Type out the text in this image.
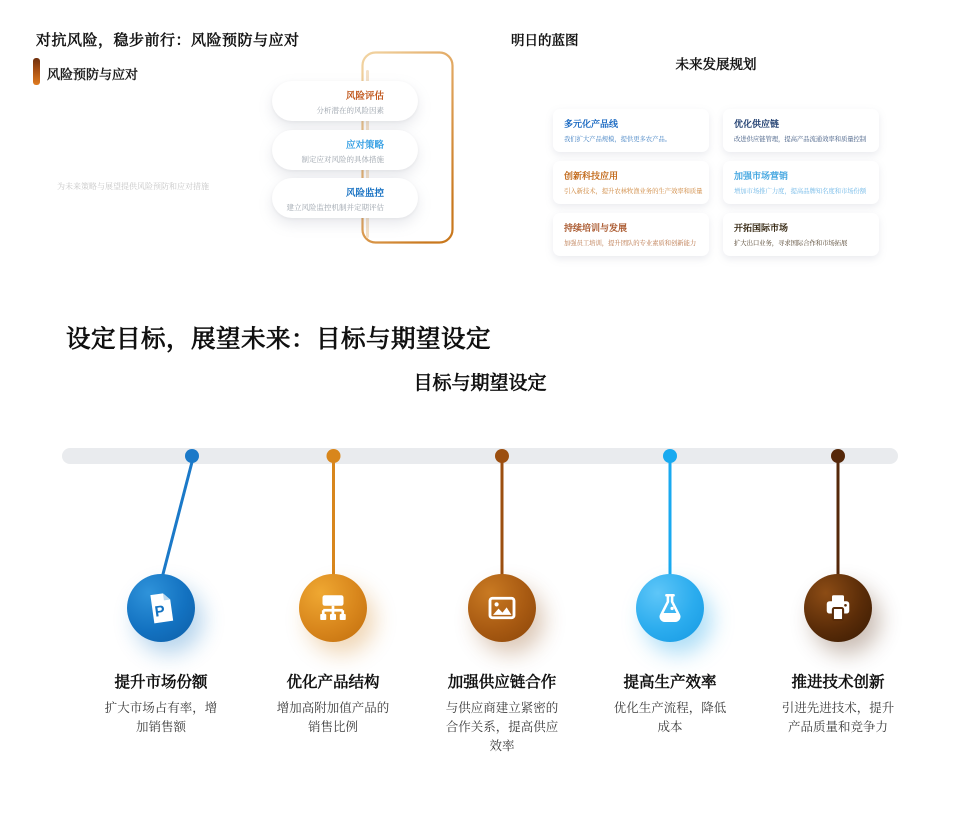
对抗风险，稳步前行：风险预防与应对
风险预防与应对
为未来策略与展望提供风险预防和应对措施
风险评估
分析潜在的风险因素
应对策略
制定应对风险的具体措施
风险监控
建立风险监控机制并定期评估
明日的蓝图
未来发展规划
多元化产品线
我们扩大产品规模，提供更多农产品。
优化供应链
改进供应链管理，提高产品流通效率和质量控制
创新科技应用
引入新技术，提升农林牧渔业务的生产效率和质量
加强市场营销
增加市场推广力度，提高品牌知名度和市场份额
持续培训与发展
加强员工培训，提升团队的专业素质和创新能力
开拓国际市场
扩大出口业务，寻求国际合作和市场拓展
设定目标，展望未来：目标与期望设定
目标与期望设定
P
提升市场份额
扩大市场占有率，增加销售额
优化产品结构
增加高附加值产品的销售比例
加强供应链合作
与供应商建立紧密的合作关系，提高供应效率
提高生产效率
优化生产流程，降低成本
推进技术创新
引进先进技术，提升产品质量和竞争力
